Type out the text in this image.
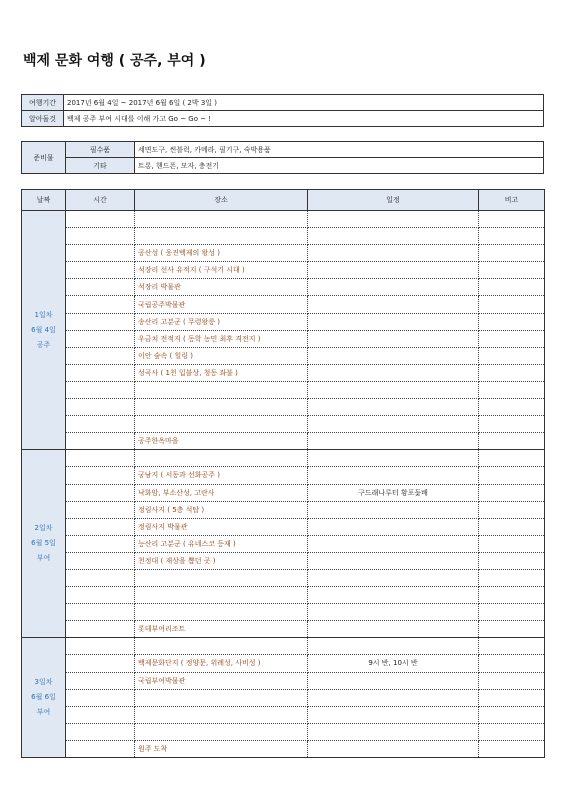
백제 문화 여행 ( 공주, 부여 )
여행기간	2017년 6월 4일 ~ 2017년 6월 6일 ( 2박 3일 )
알아둘것	백제 공주 부여 시대를 이해 가고 Go ~ Go ~ !
준비물	필수품	세면도구, 썬블럭, 카메라, 필기구, 숙박용품
	기타	트롱, 핸드폰, 모자, 충전기
날짜	시간	장소	일정	비고

1일차
6월 4일
공주				

		공산성 ( 웅진백제의 왕성 )		
		석장리 선사 유적지 ( 구석기 시대 )		
		석장리 박물관		
		국립공주박물관		
		송산리 고분군 ( 무령왕릉 )		
		우금치 전적지 ( 동학 농민 최후 격전지 )		
		이안 숲속 ( 힐링 )		
		성곡사 ( 1천 입불상, 청동 좌불 )		

		공주한옥마을		

2일차
6월 5일
부여				

		궁남지 ( 서동과 선화공주 )		
		낙화암, 부소산성, 고란사	구드래나루터 황포돛배	
		정림사지 ( 5층 석탑 )		
		정림사지 박물관		
		능산리 고분군 ( 유네스코 등재 )		
		천정대 ( 재상을 뽑던 곳 )		

		롯데부여리조트		

3일차
6월 6일
부여				

		백제문화단지 ( 정양문, 위례성, 사비성 )	9시 반, 10시 반	
		국립부여박물관		

		원주 도착		
